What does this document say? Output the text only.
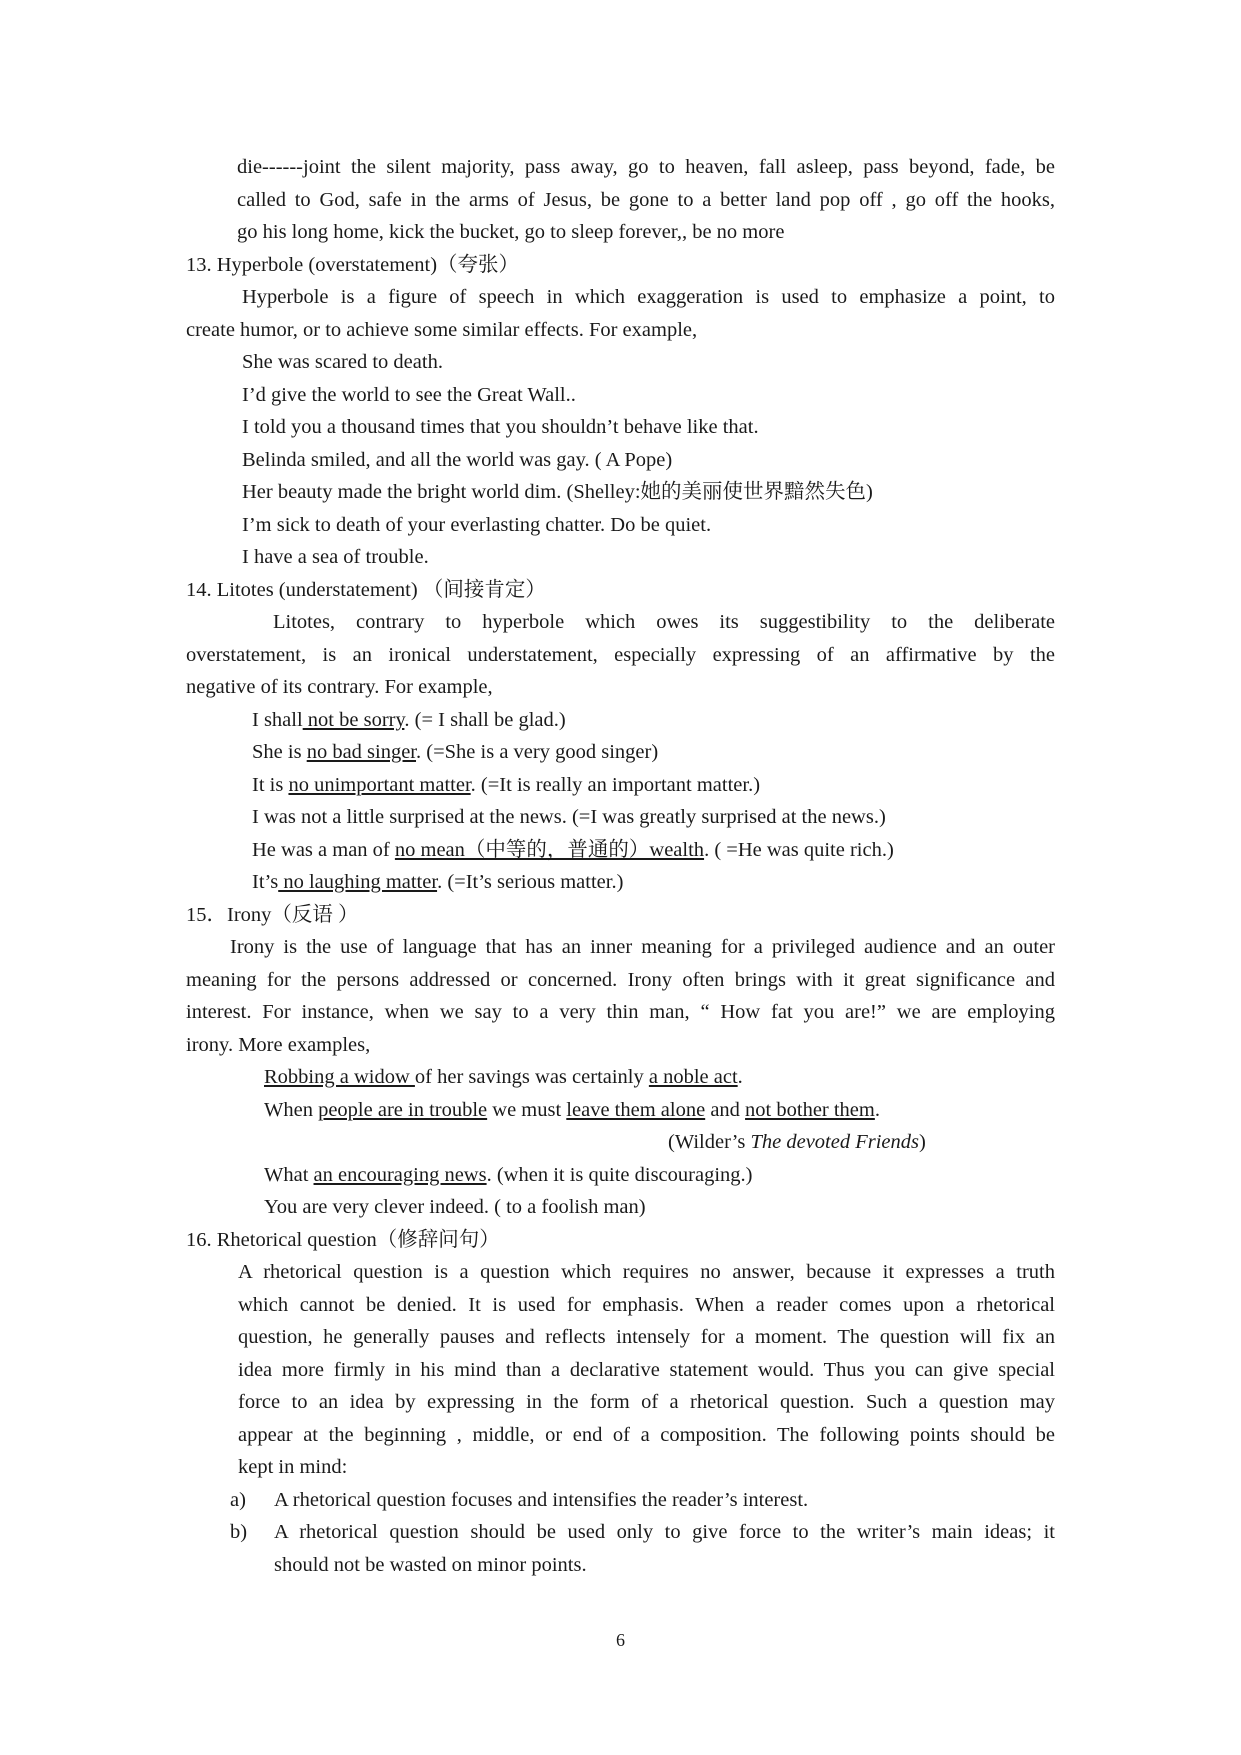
die------joint the silent majority, pass away, go to heaven, fall asleep, pass beyond, fade, be
called to God, safe in the arms of Jesus, be gone to a better land pop off , go off the hooks,
go his long home, kick the bucket, go to sleep forever,, be no more
13. Hyperbole (overstatement)（夸张）
Hyperbole is a figure of speech in which exaggeration is used to emphasize a point, to
create humor, or to achieve some similar effects. For example,
She was scared to death.
I’d give the world to see the Great Wall..
I told you a thousand times that you shouldn’t behave like that.
Belinda smiled, and all the world was gay. ( A Pope)
Her beauty made the bright world dim. (Shelley:她的美丽使世界黯然失色)
I’m sick to death of your everlasting chatter. Do be quiet.
I have a sea of trouble.
14. Litotes (understatement) （间接肯定）
Litotes, contrary to hyperbole which owes its suggestibility to the deliberate
overstatement, is an ironical understatement, especially expressing of an affirmative by the
negative of its contrary. For example,
I shall not be sorry. (= I shall be glad.)
She is no bad singer. (=She is a very good singer)
It is no unimportant matter. (=It is really an important matter.)
I was not a little surprised at the news. (=I was greatly surprised at the news.)
He was a man of no mean（中等的，普通的）wealth. ( =He was quite rich.)
It’s no laughing matter. (=It’s serious matter.)
15．Irony（反语 ）
Irony is the use of language that has an inner meaning for a privileged audience and an outer
meaning for the persons addressed or concerned. Irony often brings with it great significance and
interest. For instance, when we say to a very thin man, “ How fat you are!” we are employing
irony. More examples,
Robbing a widow of her savings was certainly a noble act.
When people are in trouble we must leave them alone and not bother them.
(Wilder’s The devoted Friends)
What an encouraging news. (when it is quite discouraging.)
You are very clever indeed. ( to a foolish man)
16. Rhetorical question（修辞问句）
A rhetorical question is a question which requires no answer, because it expresses a truth
which cannot be denied. It is used for emphasis. When a reader comes upon a rhetorical
question, he generally pauses and reflects intensely for a moment. The question will fix an
idea more firmly in his mind than a declarative statement would. Thus you can give special
force to an idea by expressing in the form of a rhetorical question. Such a question may
appear at the beginning , middle, or end of a composition. The following points should be
kept in mind:
a) A rhetorical question focuses and intensifies the reader’s interest.
b) A rhetorical question should be used only to give force to the writer’s main ideas; it
should not be wasted on minor points.
6
